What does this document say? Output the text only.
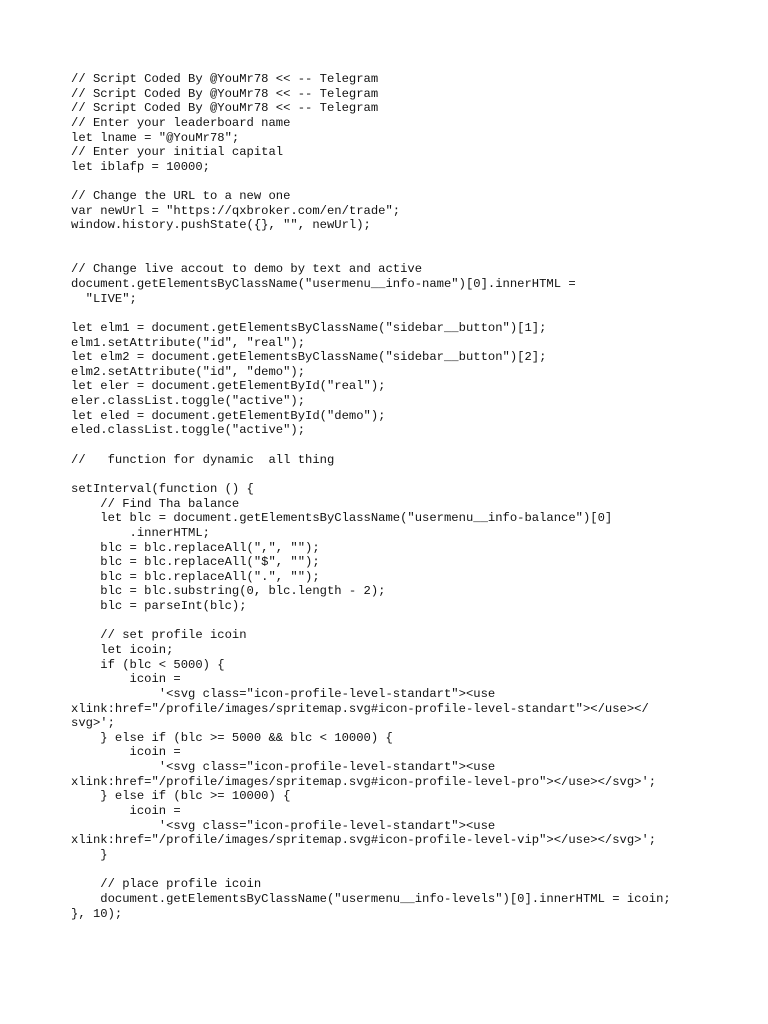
// Script Coded By @YouMr78 << -- Telegram
// Script Coded By @YouMr78 << -- Telegram
// Script Coded By @YouMr78 << -- Telegram
// Enter your leaderboard name
let lname = "@YouMr78";
// Enter your initial capital
let iblafp = 10000;
// Change the URL to a new one
var newUrl = "https://qxbroker.com/en/trade";
window.history.pushState({}, "", newUrl);
// Change live accout to demo by text and active
document.getElementsByClassName("usermenu__info-name")[0].innerHTML =
"LIVE";
let elm1 = document.getElementsByClassName("sidebar__button")[1];
elm1.setAttribute("id", "real");
let elm2 = document.getElementsByClassName("sidebar__button")[2];
elm2.setAttribute("id", "demo");
let eler = document.getElementById("real");
eler.classList.toggle("active");
let eled = document.getElementById("demo");
eled.classList.toggle("active");
//   function for dynamic  all thing
setInterval(function () {
// Find Tha balance
let blc = document.getElementsByClassName("usermenu__info-balance")[0]
.innerHTML;
blc = blc.replaceAll(",", "");
blc = blc.replaceAll("$", "");
blc = blc.replaceAll(".", "");
blc = blc.substring(0, blc.length - 2);
blc = parseInt(blc);
// set profile icoin
let icoin;
if (blc < 5000) {
icoin =
'<svg class="icon-profile-level-standart"><use
xlink:href="/profile/images/spritemap.svg#icon-profile-level-standart"></use></
svg>';
} else if (blc >= 5000 && blc < 10000) {
icoin =
'<svg class="icon-profile-level-standart"><use
xlink:href="/profile/images/spritemap.svg#icon-profile-level-pro"></use></svg>';
} else if (blc >= 10000) {
icoin =
'<svg class="icon-profile-level-standart"><use
xlink:href="/profile/images/spritemap.svg#icon-profile-level-vip"></use></svg>';
}
// place profile icoin
document.getElementsByClassName("usermenu__info-levels")[0].innerHTML = icoin;
}, 10);
